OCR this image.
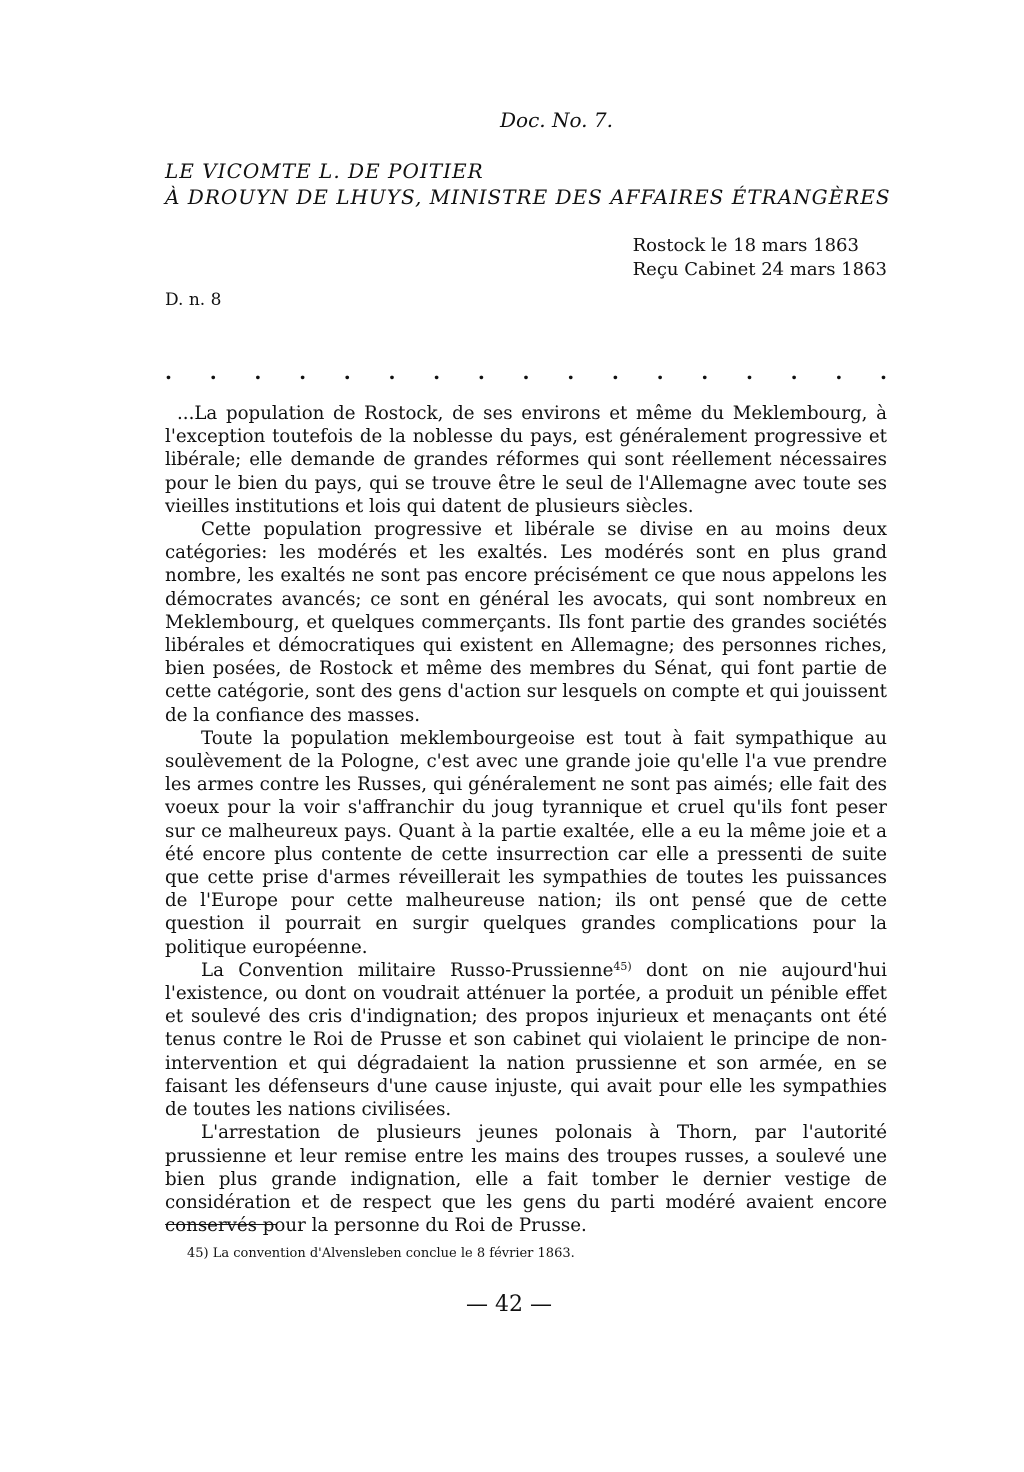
Doc. No. 7.
LE VICOMTE L. DE POITIER
À DROUYN DE LHUYS, MINISTRE DES AFFAIRES ÉTRANGÈRES
Rostock le 18 mars 1863
Reçu Cabinet 24 mars 1863
D. n. 8
. . . . . . . . . . . . . . . . .

...La population de Rostock, de ses environs et même du Meklembourg, à l'exception toutefois de la noblesse du pays, est généralement progressive et libérale; elle demande de grandes réformes qui sont réellement nécessaires pour le bien du pays, qui se trouve être le seul de l'Allemagne avec toute ses vieilles institutions et lois qui datent de plusieurs siècles.

Cette population progressive et libérale se divise en au moins deux catégories: les modérés et les exaltés. Les modérés sont en plus grand nombre, les exaltés ne sont pas encore précisément ce que nous appelons les démocrates avancés; ce sont en général les avocats, qui sont nombreux en Meklembourg, et quelques commerçants. Ils font partie des grandes sociétés libérales et démocratiques qui existent en Allemagne; des personnes riches, bien posées, de Rostock et même des membres du Sénat, qui font partie de cette catégorie, sont des gens d'action sur lesquels on compte et qui jouissent de la confiance des masses.

Toute la population meklembourgeoise est tout à fait sympathique au soulèvement de la Pologne, c'est avec une grande joie qu'elle l'a vue prendre les armes contre les Russes, qui généralement ne sont pas aimés; elle fait des voeux pour la voir s'affranchir du joug tyrannique et cruel qu'ils font peser sur ce malheureux pays. Quant à la partie exaltée, elle a eu la même joie et a été encore plus contente de cette insurrection car elle a pressenti de suite que cette prise d'armes réveillerait les sympathies de toutes les puissances de l'Europe pour cette malheureuse nation; ils ont pensé que de cette question il pourrait en surgir quelques grandes complications pour la politique européenne.

La Convention militaire Russo-Prussienne$^{45)}$ dont on nie aujourd'hui l'existence, ou dont on voudrait atténuer la portée, a produit un pénible effet et soulevé des cris d'indignation; des propos injurieux et menaçants ont été tenus contre le Roi de Prusse et son cabinet qui violaient le principe de non-intervention et qui dégradaient la nation prussienne et son armée, en se faisant les défenseurs d'une cause injuste, qui avait pour elle les sympathies de toutes les nations civilisées.

L'arrestation de plusieurs jeunes polonais à Thorn, par l'autorité prussienne et leur remise entre les mains des troupes russes, a soulevé une bien plus grande indignation, elle a fait tomber le dernier vestige de considération et de respect que les gens du parti modéré avaient encore conservés pour la personne du Roi de Prusse.

45) La convention d'Alvensleben conclue le 8 février 1863.
— 42 —
